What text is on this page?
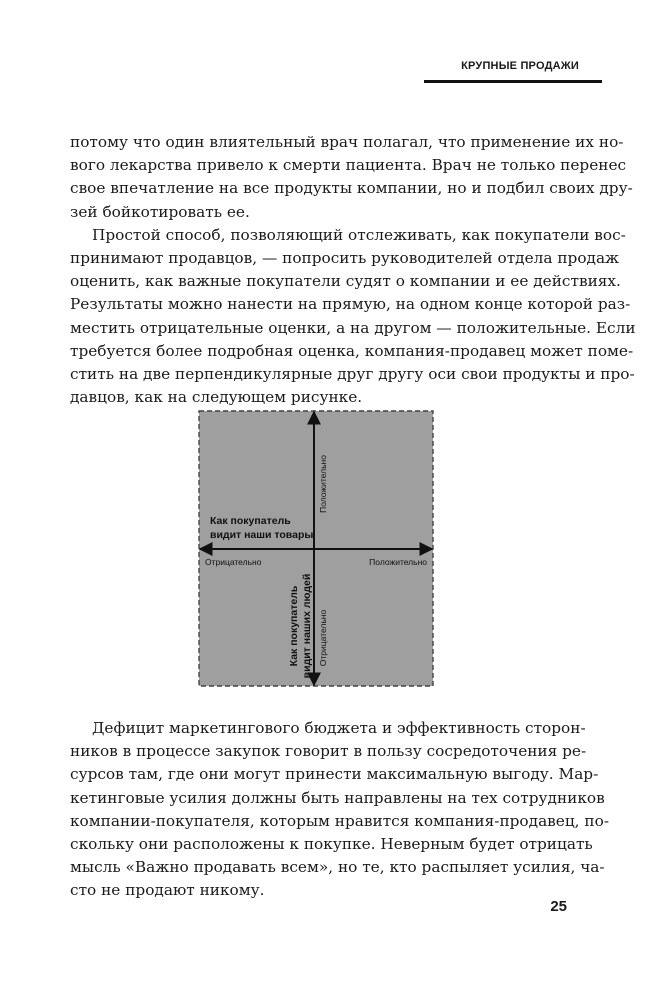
КРУПНЫЕ ПРОДАЖИ
потому что один влиятельный врач полагал, что применение их но-
вого лекарства привело к смерти пациента. Врач не только перенес
свое впечатление на все продукты компании, но и подбил своих дру-
зей бойкотировать ее.
Простой способ, позволяющий отслеживать, как покупатели вос-
принимают продавцов, — попросить руководителей отдела продаж
оценить, как важные покупатели судят о компании и ее действиях.
Результаты можно нанести на прямую, на одном конце которой раз-
местить отрицательные оценки, а на другом — положительные. Если
требуется более подробная оценка, компания-продавец может поме-
стить на две перпендикулярные друг другу оси свои продукты и про-
давцов, как на следующем рисунке.
Как покупатель
видит наши товары
Отрицательно	Положительно
Положительно
Как покупатель видит наших людей Отрицательно
Дефицит маркетингового бюджета и эффективность сторон-
ников в процессе закупок говорит в пользу сосредоточения ре-
сурсов там, где они могут принести максимальную выгоду. Мар-
кетинговые усилия должны быть направлены на тех сотрудников
компании-покупателя, которым нравится компания-продавец, по-
скольку они расположены к покупке. Неверным будет отрицать
мысль «Важно продавать всем», но те, кто распыляет усилия, ча-
сто не продают никому.
25
